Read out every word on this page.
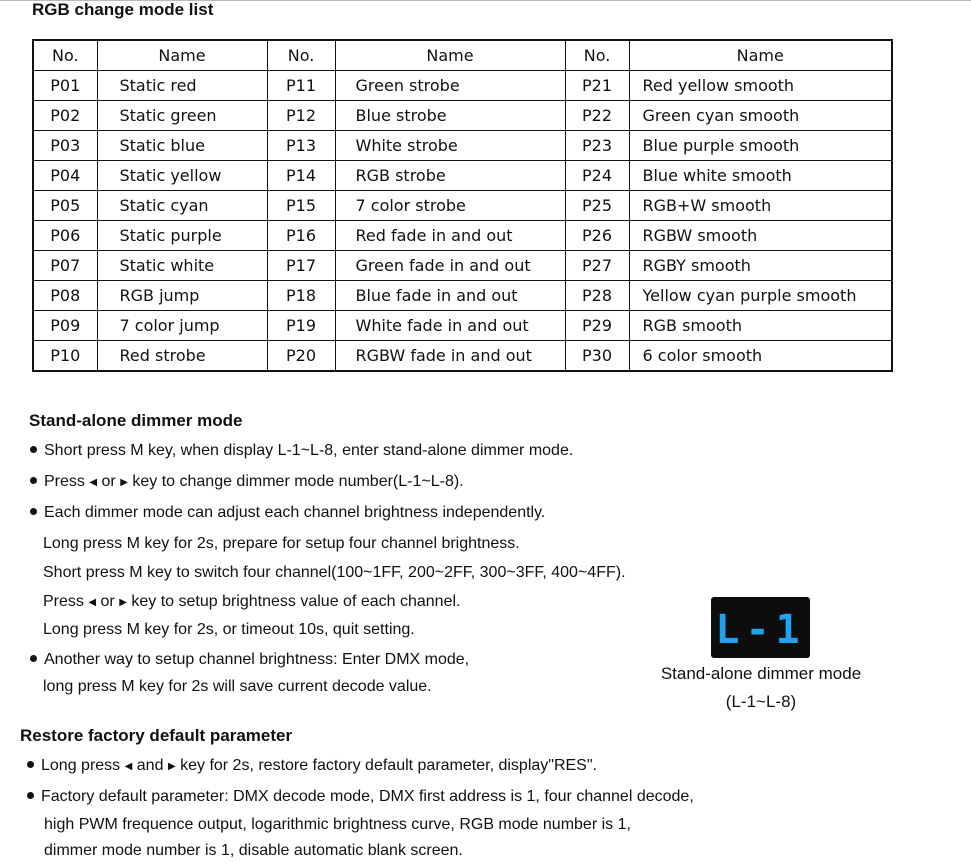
RGB change mode list
No.	Name	No.	Name	No.	Name
P01	Static red	P11	Green strobe	P21	Red yellow smooth
P02	Static green	P12	Blue strobe	P22	Green cyan smooth
P03	Static blue	P13	White strobe	P23	Blue purple smooth
P04	Static yellow	P14	RGB strobe	P24	Blue white smooth
P05	Static cyan	P15	7 color strobe	P25	RGB+W smooth
P06	Static purple	P16	Red fade in and out	P26	RGBW smooth
P07	Static white	P17	Green fade in and out	P27	RGBY smooth
P08	RGB jump	P18	Blue fade in and out	P28	Yellow cyan purple smooth
P09	7 color jump	P19	White fade in and out	P29	RGB smooth
P10	Red strobe	P20	RGBW fade in and out	P30	6 color smooth
Stand-alone dimmer mode
Short press M key, when display L-1~L-8, enter stand-alone dimmer mode.
Press ◀ or ▶ key to change dimmer mode number(L-1~L-8).
Each dimmer mode can adjust each channel brightness independently.
Long press M key for 2s, prepare for setup four channel brightness.
Short press M key to switch four channel(100~1FF, 200~2FF, 300~3FF, 400~4FF).
Press ◀ or ▶ key to setup brightness value of each channel.
Long press M key for 2s, or timeout 10s, quit setting.
Another way to setup channel brightness: Enter DMX mode,
long press M key for 2s will save current decode value.
L-1
Stand-alone dimmer mode
(L-1~L-8)
Restore factory default parameter
Long press ◀ and ▶ key for 2s, restore factory default parameter, display"RES".
Factory default parameter: DMX decode mode, DMX first address is 1, four channel decode,
high PWM frequence output, logarithmic brightness curve, RGB mode number is 1,
dimmer mode number is 1, disable automatic blank screen.
